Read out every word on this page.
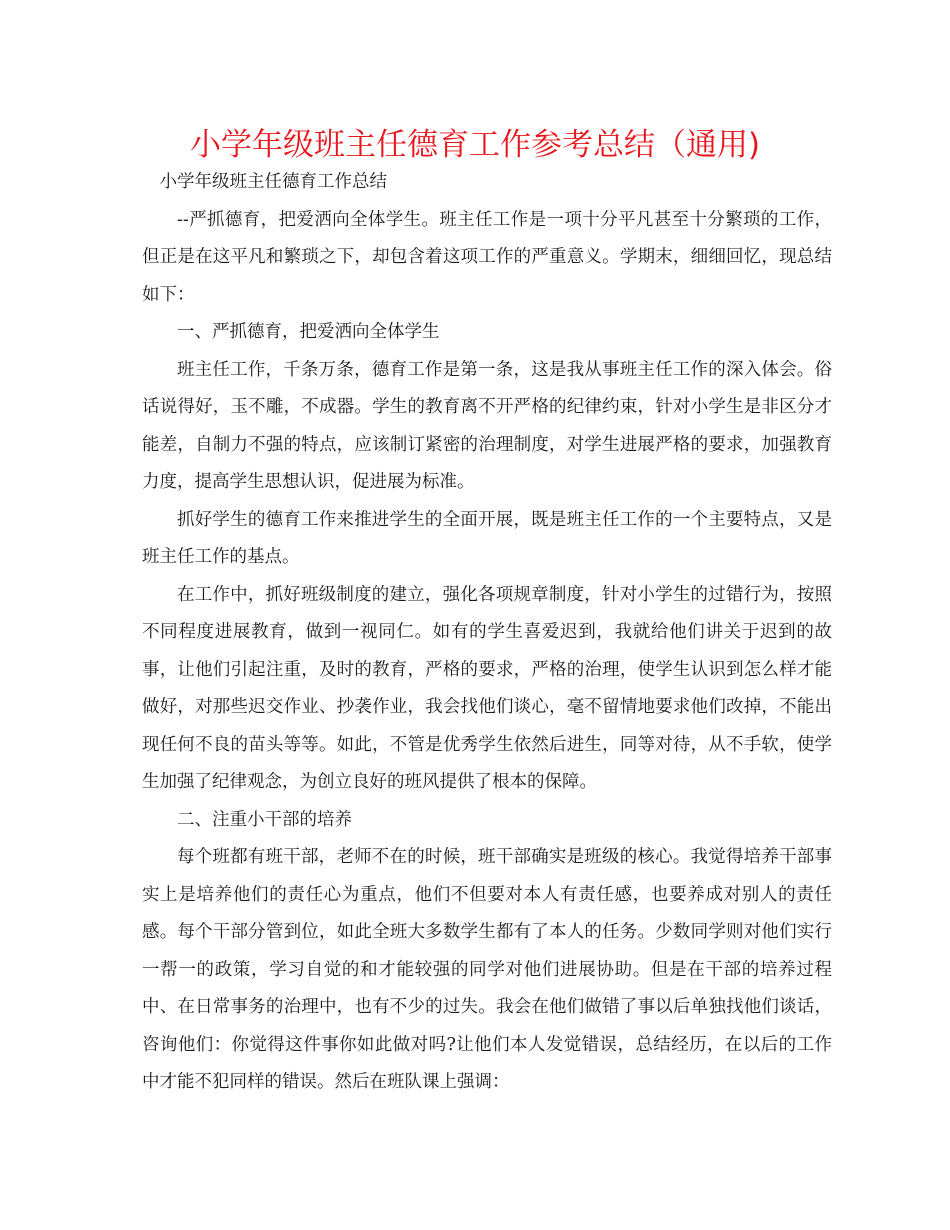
小学年级班主任德育工作参考总结（通用)

小学年级班主任德育工作总结

--严抓德育，把爱洒向全体学生。班主任工作是一项十分平凡甚至十分繁琐的工作，但正是在这平凡和繁琐之下，却包含着这项工作的严重意义。学期末，细细回忆，现总结如下：

一、严抓德育，把爱洒向全体学生

班主任工作，千条万条，德育工作是第一条，这是我从事班主任工作的深入体会。俗话说得好，玉不雕，不成器。学生的教育离不开严格的纪律约束，针对小学生是非区分才能差，自制力不强的特点，应该制订紧密的治理制度，对学生进展严格的要求，加强教育力度，提高学生思想认识，促进展为标准。

抓好学生的德育工作来推进学生的全面开展，既是班主任工作的一个主要特点，又是班主任工作的基点。

在工作中，抓好班级制度的建立，强化各项规章制度，针对小学生的过错行为，按照不同程度进展教育，做到一视同仁。如有的学生喜爱迟到，我就给他们讲关于迟到的故事，让他们引起注重，及时的教育，严格的要求，严格的治理，使学生认识到怎么样才能做好，对那些迟交作业、抄袭作业，我会找他们谈心，毫不留情地要求他们改掉，不能出现任何不良的苗头等等。如此，不管是优秀学生依然后进生，同等对待，从不手软，使学生加强了纪律观念，为创立良好的班风提供了根本的保障。

二、注重小干部的培养

每个班都有班干部，老师不在的时候，班干部确实是班级的核心。我觉得培养干部事实上是培养他们的责任心为重点，他们不但要对本人有责任感，也要养成对别人的责任感。每个干部分管到位，如此全班大多数学生都有了本人的任务。少数同学则对他们实行一帮一的政策，学习自觉的和才能较强的同学对他们进展协助。但是在干部的培养过程中、在日常事务的治理中，也有不少的过失。我会在他们做错了事以后单独找他们谈话，咨询他们：你觉得这件事你如此做对吗?让他们本人发觉错误，总结经历，在以后的工作中才能不犯同样的错误。然后在班队课上强调：
